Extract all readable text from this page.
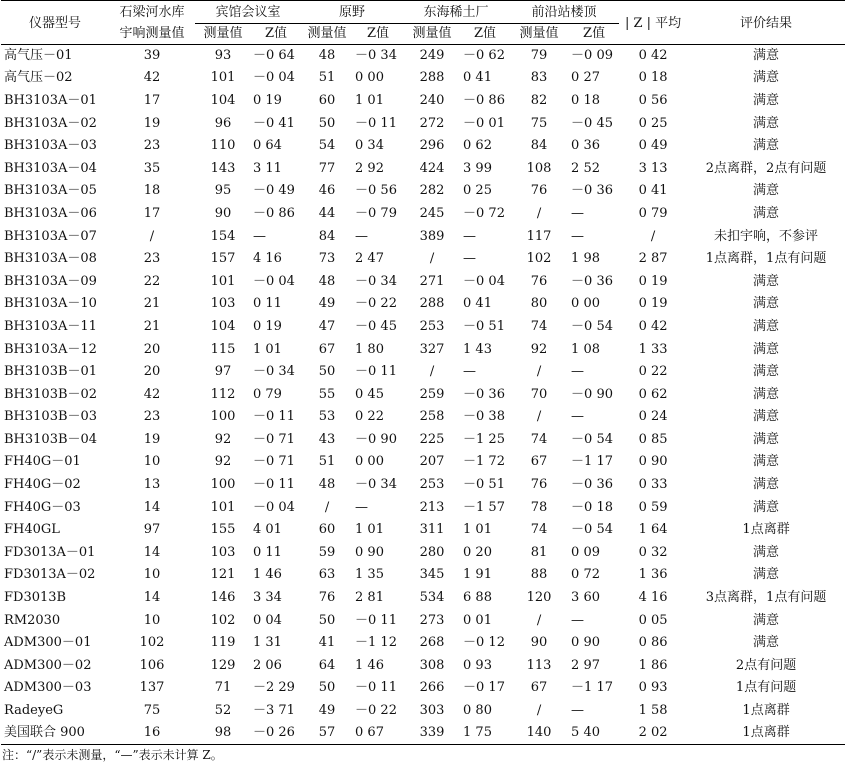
仪器型号	石梁河水库	宾馆会议室		原野		东海稀土厂		前沿站楼顶		| Z | 平均	评价结果
	宇响测量值	测量值	Z值	测量值	Z值	测量值	Z值	测量值	Z值		

高气压－01	39	93	－0 64	48	－0 34	249	－0 62	79	－0 09	0 42	满意
高气压－02	42	101	－0 04	51	0 00	288	0 41	83	0 27	0 18	满意
BH3103A－01	17	104	0 19	60	1 01	240	－0 86	82	0 18	0 56	满意
BH3103A－02	19	96	－0 41	50	－0 11	272	－0 01	75	－0 45	0 25	满意
BH3103A－03	23	110	0 64	54	0 34	296	0 62	84	0 36	0 49	满意
BH3103A－04	35	143	3 11	77	2 92	424	3 99	108	2 52	3 13	2点离群，2点有问题
BH3103A－05	18	95	－0 49	46	－0 56	282	0 25	76	－0 36	0 41	满意
BH3103A－06	17	90	－0 86	44	－0 79	245	－0 72	/	—	0 79	满意
BH3103A－07	/	154	—	84	—	389	—	117	—	/	未扣宇响，不参评
BH3103A－08	23	157	4 16	73	2 47	/	—	102	1 98	2 87	1点离群，1点有问题
BH3103A－09	22	101	－0 04	48	－0 34	271	－0 04	76	－0 36	0 19	满意
BH3103A－10	21	103	0 11	49	－0 22	288	0 41	80	0 00	0 19	满意
BH3103A－11	21	104	0 19	47	－0 45	253	－0 51	74	－0 54	0 42	满意
BH3103A－12	20	115	1 01	67	1 80	327	1 43	92	1 08	1 33	满意
BH3103B－01	20	97	－0 34	50	－0 11	/	—	/	—	0 22	满意
BH3103B－02	42	112	0 79	55	0 45	259	－0 36	70	－0 90	0 62	满意
BH3103B－03	23	100	－0 11	53	0 22	258	－0 38	/	—	0 24	满意
BH3103B－04	19	92	－0 71	43	－0 90	225	－1 25	74	－0 54	0 85	满意
FH40G－01	10	92	－0 71	51	0 00	207	－1 72	67	－1 17	0 90	满意
FH40G－02	13	100	－0 11	48	－0 34	253	－0 51	76	－0 36	0 33	满意
FH40G－03	14	101	－0 04	/	—	213	－1 57	78	－0 18	0 59	满意
FH40GL	97	155	4 01	60	1 01	311	1 01	74	－0 54	1 64	1点离群
FD3013A－01	14	103	0 11	59	0 90	280	0 20	81	0 09	0 32	满意
FD3013A－02	10	121	1 46	63	1 35	345	1 91	88	0 72	1 36	满意
FD3013B	14	146	3 34	76	2 81	534	6 88	120	3 60	4 16	3点离群，1点有问题
RM2030	10	102	0 04	50	－0 11	273	0 01	/	—	0 05	满意
ADM300－01	102	119	1 31	41	－1 12	268	－0 12	90	0 90	0 86	满意
ADM300－02	106	129	2 06	64	1 46	308	0 93	113	2 97	1 86	2点有问题
ADM300－03	137	71	－2 29	50	－0 11	266	－0 17	67	－1 17	0 93	1点有问题
RadeyeG	75	52	－3 71	49	－0 22	303	0 80	/	—	1 58	1点离群
美国联合 900	16	98	－0 26	57	0 67	339	1 75	140	5 40	2 02	1点离群
注：“/”表示未测量，“—”表示未计算 Z。
